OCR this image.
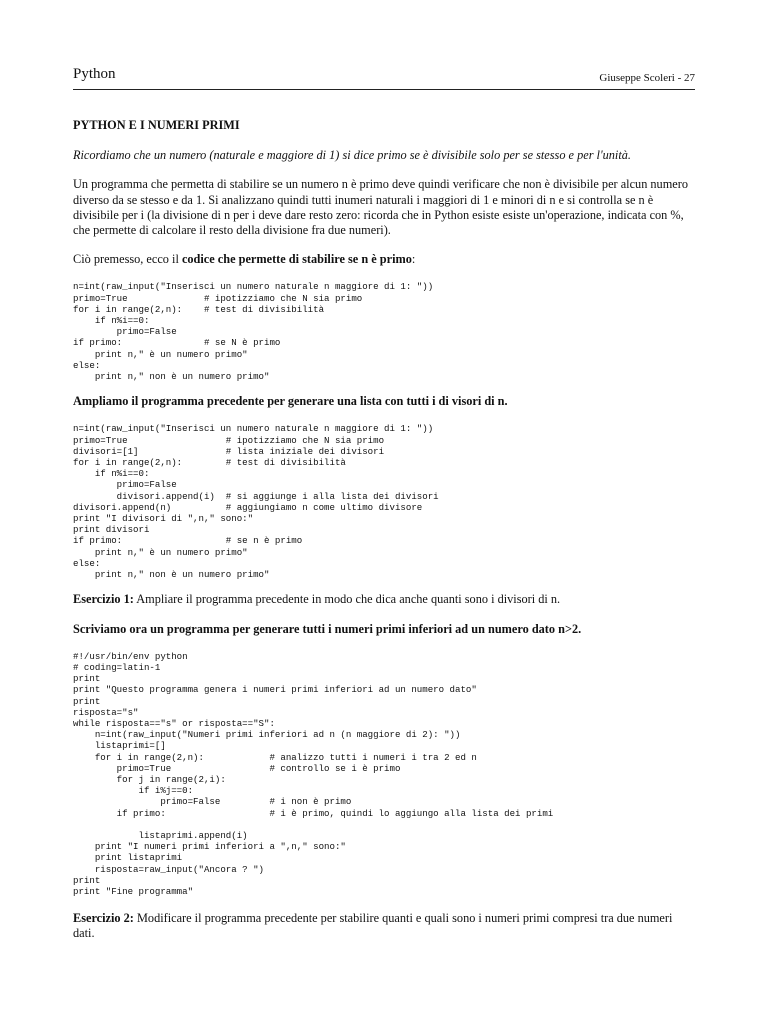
Python	Giuseppe Scoleri - 27

PYTHON E I NUMERI PRIMI

Ricordiamo che un numero (naturale e maggiore di 1) si dice primo se è divisibile solo per se stesso e per l'unità.

Un programma che permetta di stabilire se un numero n è primo deve quindi verificare che non è divisibile per alcun numero diverso da se stesso e da 1. Si analizzano quindi tutti inumeri naturali i maggiori di 1 e minori di n e si controlla se n è divisibile per i (la divisione di n per i deve dare resto zero: ricorda che in Python esiste esiste un'operazione, indicata con %, che permette di calcolare il resto della divisione fra due numeri).

Ciò premesso, ecco il codice che permette di stabilire se n è primo:

n=int(raw_input("Inserisci un numero naturale n maggiore di 1: "))
primo=True              # ipotizziamo che N sia primo
for i in range(2,n):    # test di divisibilità
if n%i==0:
primo=False
if primo:               # se N è primo
print n," è un numero primo"
else:
print n," non è un numero primo"

Ampliamo il programma precedente per generare una lista con tutti i di visori di n.

n=int(raw_input("Inserisci un numero naturale n maggiore di 1: "))
primo=True                  # ipotizziamo che N sia primo
divisori=[1]                # lista iniziale dei divisori
for i in range(2,n):        # test di divisibilità
if n%i==0:
primo=False
divisori.append(i)  # si aggiunge i alla lista dei divisori
divisori.append(n)          # aggiungiamo n come ultimo divisore
print "I divisori di ",n," sono:"
print divisori
if primo:                   # se n è primo
print n," è un numero primo"
else:
print n," non è un numero primo"

Esercizio 1: Ampliare il programma precedente in modo che dica anche quanti sono i divisori di n.

Scriviamo ora un programma per generare tutti i numeri primi inferiori ad un numero dato n>2.

#!/usr/bin/env python
# coding=latin-1
print
print "Questo programma genera i numeri primi inferiori ad un numero dato"
print
risposta="s"
while risposta=="s" or risposta=="S":
n=int(raw_input("Numeri primi inferiori ad n (n maggiore di 2): "))
listaprimi=[]
for i in range(2,n):            # analizzo tutti i numeri i tra 2 ed n
primo=True                  # controllo se i è primo
for j in range(2,i):
if i%j==0:
primo=False         # i non è primo
if primo:                   # i è primo, quindi lo aggiungo alla lista dei primi

listaprimi.append(i)
print "I numeri primi inferiori a ",n," sono:"
print listaprimi
risposta=raw_input("Ancora ? ")
print
print "Fine programma"

Esercizio 2: Modificare il programma precedente per stabilire quanti e quali sono i numeri primi compresi tra due numeri dati.
